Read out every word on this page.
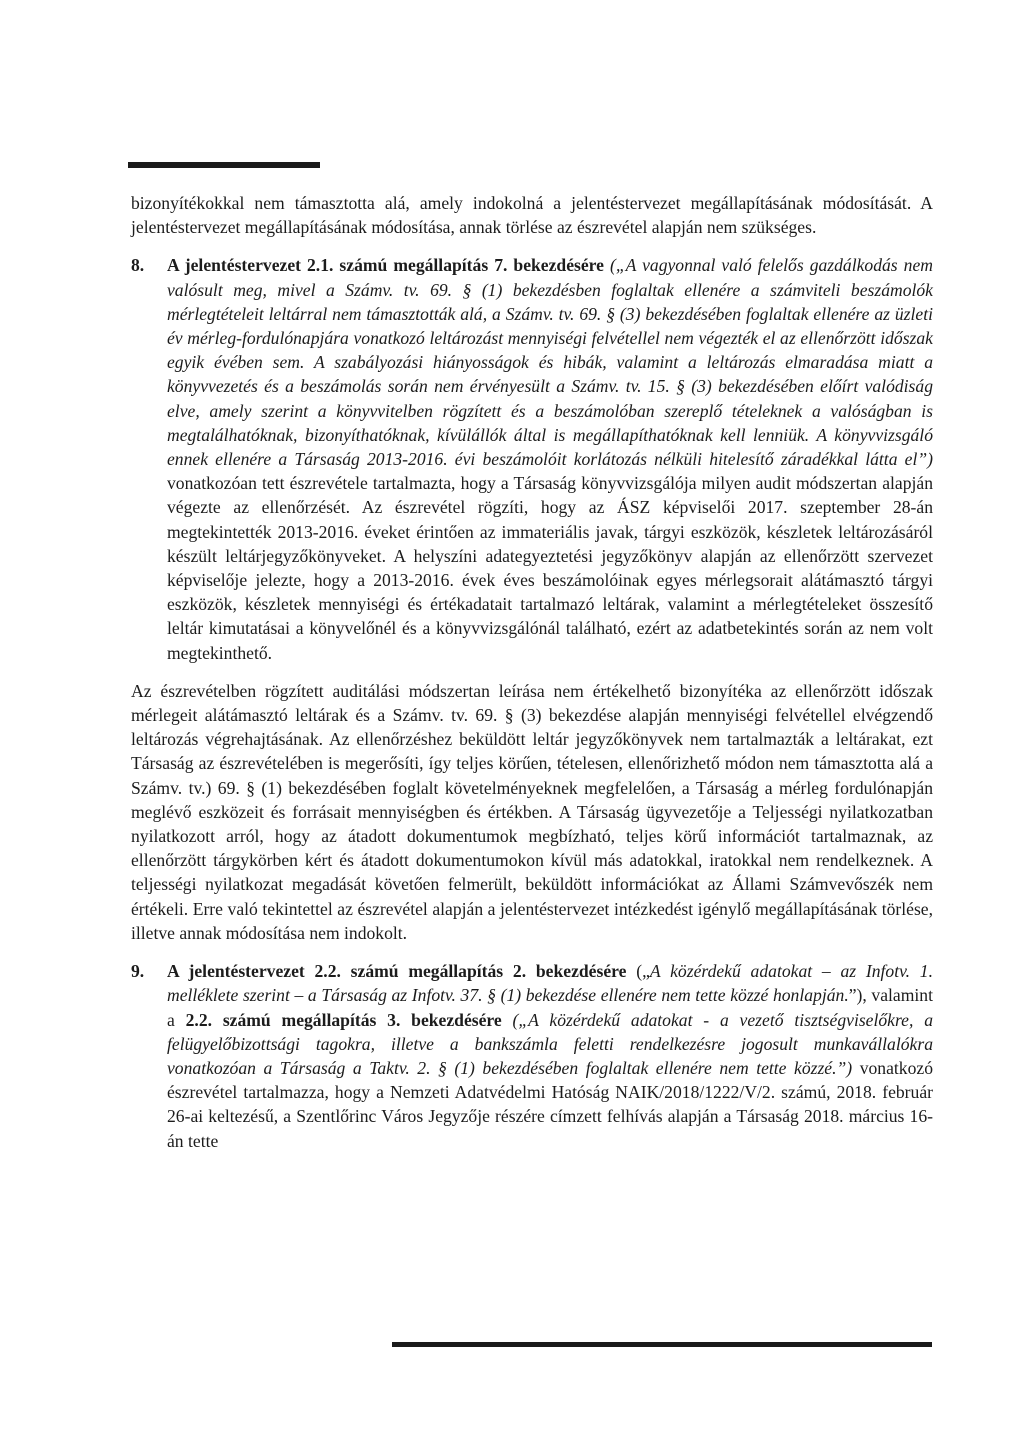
bizonyítékokkal nem támasztotta alá, amely indokolná a jelentéstervezet megállapításának módosítását. A jelentéstervezet megállapításának módosítása, annak törlése az észrevétel alapján nem szükséges.

8.	A jelentéstervezet 2.1. számú megállapítás 7. bekezdésére („A vagyonnal való felelős gazdálkodás nem valósult meg, mivel a Számv. tv. 69. § (1) bekezdésben foglaltak ellenére a számviteli beszámolók mérlegtételeit leltárral nem támasztották alá, a Számv. tv. 69. § (3) bekezdésében foglaltak ellenére az üzleti év mérleg-fordulónapjára vonatkozó leltározást mennyiségi felvétellel nem végezték el az ellenőrzött időszak egyik évében sem. A szabályozási hiányosságok és hibák, valamint a leltározás elmaradása miatt a könyvvezetés és a beszámolás során nem érvényesült a Számv. tv. 15. § (3) bekezdésében előírt valódiság elve, amely szerint a könyvvitelben rögzített és a beszámolóban szereplő tételeknek a valóságban is megtalálhatóknak, bizonyíthatóknak, kívülállók által is megállapíthatóknak kell lenniük. A könyvvizsgáló ennek ellenére a Társaság 2013-2016. évi beszámolóit korlátozás nélküli hitelesítő záradékkal látta el”) vonatkozóan tett észrevétele tartalmazta, hogy a Társaság könyvvizsgálója milyen audit módszertan alapján végezte az ellenőrzését. Az észrevétel rögzíti, hogy az ÁSZ képviselői 2017. szeptember 28-án megtekintették 2013-2016. éveket érintően az immateriális javak, tárgyi eszközök, készletek leltározásáról készült leltárjegyzőkönyveket. A helyszíni adategyeztetési jegyzőkönyv alapján az ellenőrzött szervezet képviselője jelezte, hogy a 2013-2016. évek éves beszámolóinak egyes mérlegsorait alátámasztó tárgyi eszközök, készletek mennyiségi és értékadatait tartalmazó leltárak, valamint a mérlegtételeket összesítő leltár kimutatásai a könyvelőnél és a könyvvizsgálónál található, ezért az adatbetekintés során az nem volt megtekinthető.

Az észrevételben rögzített auditálási módszertan leírása nem értékelhető bizonyítéka az ellenőrzött időszak mérlegeit alátámasztó leltárak és a Számv. tv. 69. § (3) bekezdése alapján mennyiségi felvétellel elvégzendő leltározás végrehajtásának. Az ellenőrzéshez beküldött leltár jegyzőkönyvek nem tartalmazták a leltárakat, ezt Társaság az észrevételében is megerősíti, így teljes körűen, tételesen, ellenőrizhető módon nem támasztotta alá a Számv. tv.) 69. § (1) bekezdésében foglalt követelményeknek megfelelően, a Társaság a mérleg fordulónapján meglévő eszközeit és forrásait mennyiségben és értékben. A Társaság ügyvezetője a Teljességi nyilatkozatban nyilatkozott arról, hogy az átadott dokumentumok megbízható, teljes körű információt tartalmaznak, az ellenőrzött tárgykörben kért és átadott dokumentumokon kívül más adatokkal, iratokkal nem rendelkeznek. A teljességi nyilatkozat megadását követően felmerült, beküldött információkat az Állami Számvevőszék nem értékeli. Erre való tekintettel az észrevétel alapján a jelentéstervezet intézkedést igénylő megállapításának törlése, illetve annak módosítása nem indokolt.

9.	A jelentéstervezet 2.2. számú megállapítás 2. bekezdésére („A közérdekű adatokat – az Infotv. 1. melléklete szerint – a Társaság az Infotv. 37. § (1) bekezdése ellenére nem tette közzé honlapján.”), valamint a 2.2. számú megállapítás 3. bekezdésére („A közérdekű adatokat - a vezető tisztségviselőkre, a felügyelőbizottsági tagokra, illetve a bankszámla feletti rendelkezésre jogosult munkavállalókra vonatkozóan a Társaság a Taktv. 2. § (1) bekezdésében foglaltak ellenére nem tette közzé.”) vonatkozó észrevétel tartalmazza, hogy a Nemzeti Adatvédelmi Hatóság NAIK/2018/1222/V/2. számú, 2018. február 26-ai keltezésű, a Szentlőrinc Város Jegyzője részére címzett felhívás alapján a Társaság 2018. március 16-án tette
